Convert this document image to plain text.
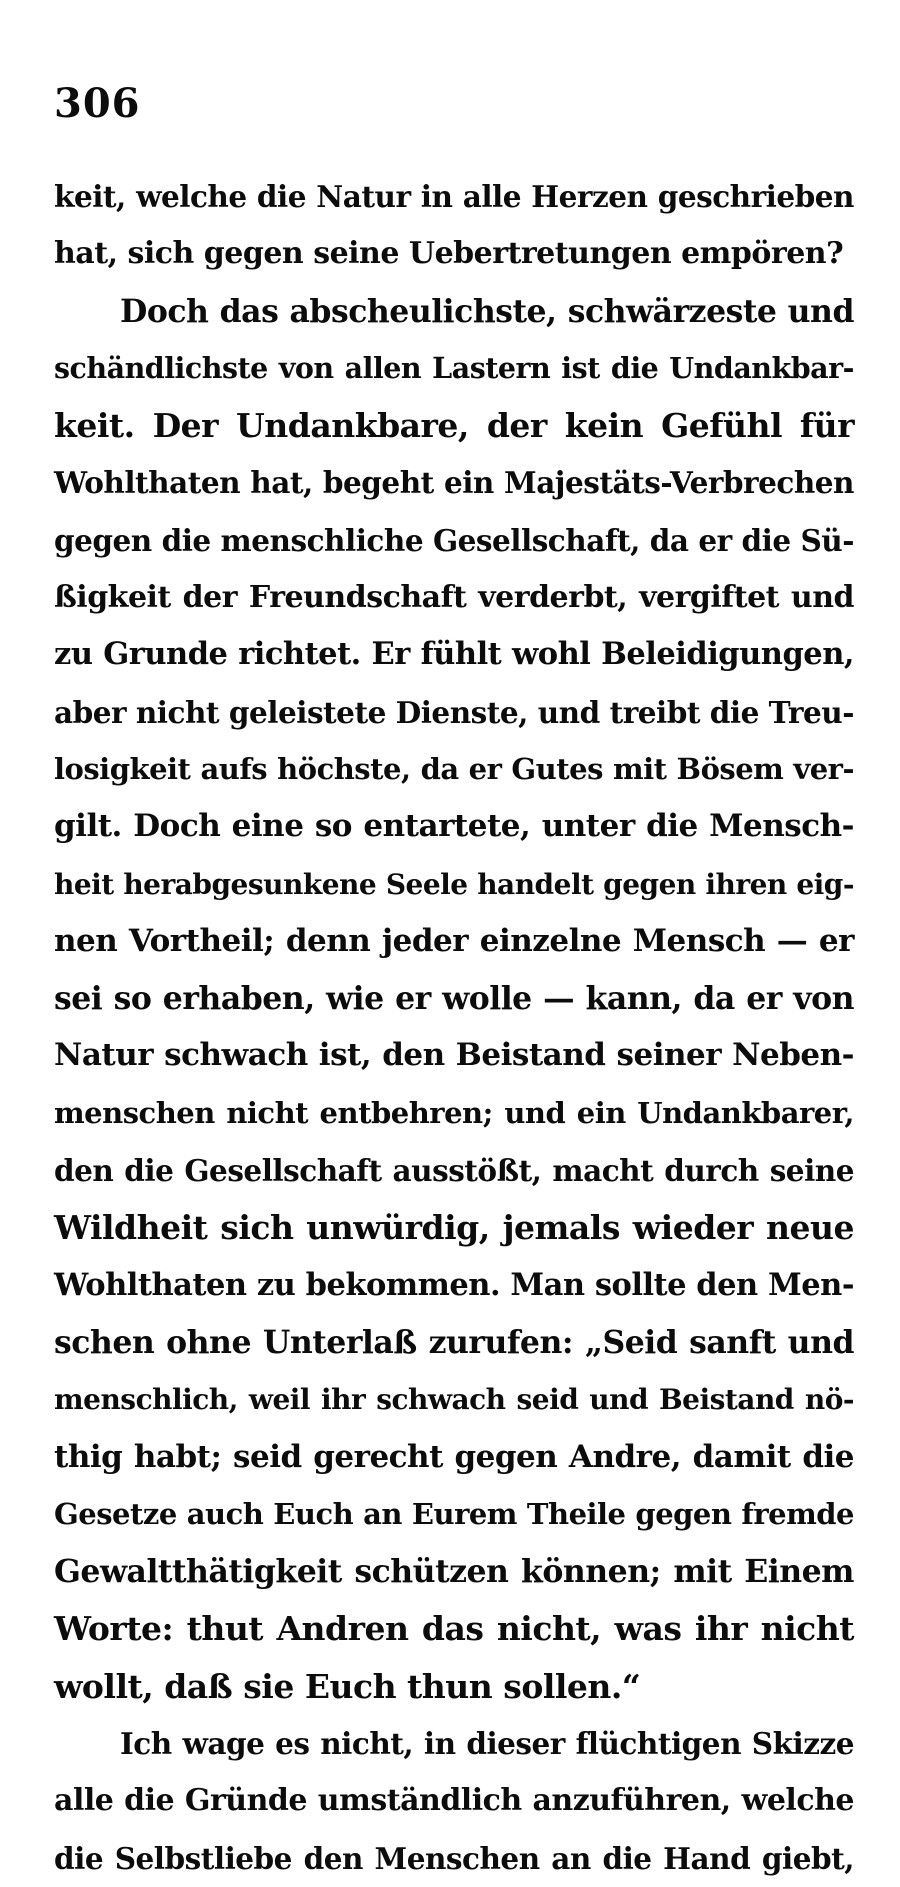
306
keit, welche die Natur in alle Herzen geschrieben
hat, sich gegen seine Uebertretungen empören?
Doch das abscheulichste, schwärzeste und
schändlichste von allen Lastern ist die Undankbar-
keit. Der Undankbare, der kein Gefühl für
Wohlthaten hat, begeht ein Majestäts-Verbrechen
gegen die menschliche Gesellschaft, da er die Sü-
ßigkeit der Freundschaft verderbt, vergiftet und
zu Grunde richtet. Er fühlt wohl Beleidigungen,
aber nicht geleistete Dienste, und treibt die Treu-
losigkeit aufs höchste, da er Gutes mit Bösem ver-
gilt. Doch eine so entartete, unter die Mensch-
heit herabgesunkene Seele handelt gegen ihren eig-
nen Vortheil; denn jeder einzelne Mensch — er
sei so erhaben, wie er wolle — kann, da er von
Natur schwach ist, den Beistand seiner Neben-
menschen nicht entbehren; und ein Undankbarer,
den die Gesellschaft ausstößt, macht durch seine
Wildheit sich unwürdig, jemals wieder neue
Wohlthaten zu bekommen. Man sollte den Men-
schen ohne Unterlaß zurufen: „Seid sanft und
menschlich, weil ihr schwach seid und Beistand nö-
thig habt; seid gerecht gegen Andre, damit die
Gesetze auch Euch an Eurem Theile gegen fremde
Gewaltthätigkeit schützen können; mit Einem
Worte: thut Andren das nicht, was ihr nicht
wollt, daß sie Euch thun sollen.“
Ich wage es nicht, in dieser flüchtigen Skizze
alle die Gründe umständlich anzuführen, welche
die Selbstliebe den Menschen an die Hand giebt,
